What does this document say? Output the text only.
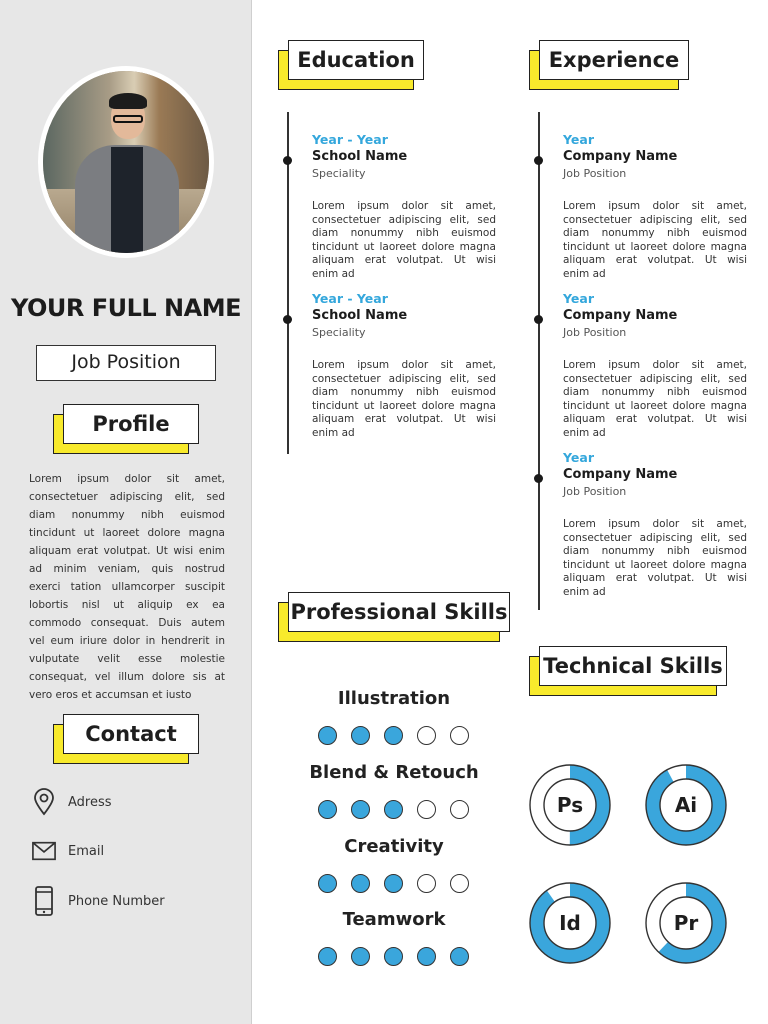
YOUR FULL NAME
Job Position
Profile
Lorem ipsum dolor sit amet, consectetuer adipiscing elit, sed diam nonummy nibh euismod tincidunt ut laoreet dolore magna aliquam erat volutpat. Ut wisi enim ad minim veniam, quis nostrud exerci tation ullamcorper suscipit lobortis nisl ut aliquip ex ea commodo consequat. Duis autem vel eum iriure dolor in hendrerit in vulputate velit esse molestie consequat, vel illum dolore sis at vero eros et accumsan et iusto
Contact
Adress
Email
Phone Number
Education
Year - Year
School Name
Speciality
Lorem ipsum dolor sit amet, consectetuer adipiscing elit, sed diam nonummy nibh euismod tincidunt ut laoreet dolore magna aliquam erat volutpat. Ut wisi enim ad
Year - Year
School Name
Speciality
Lorem ipsum dolor sit amet, consectetuer adipiscing elit, sed diam nonummy nibh euismod tincidunt ut laoreet dolore magna aliquam erat volutpat. Ut wisi enim ad
Experience
Year
Company Name
Job Position
Lorem ipsum dolor sit amet, consectetuer adipiscing elit, sed diam nonummy nibh euismod tincidunt ut laoreet dolore magna aliquam erat volutpat. Ut wisi enim ad
Year
Company Name
Job Position
Lorem ipsum dolor sit amet, consectetuer adipiscing elit, sed diam nonummy nibh euismod tincidunt ut laoreet dolore magna aliquam erat volutpat. Ut wisi enim ad
Year
Company Name
Job Position
Lorem ipsum dolor sit amet, consectetuer adipiscing elit, sed diam nonummy nibh euismod tincidunt ut laoreet dolore magna aliquam erat volutpat. Ut wisi enim ad
Professional Skills
Illustration
Blend & Retouch
Creativity
Teamwork
Technical Skills
Ps	Ai
Id	Pr
